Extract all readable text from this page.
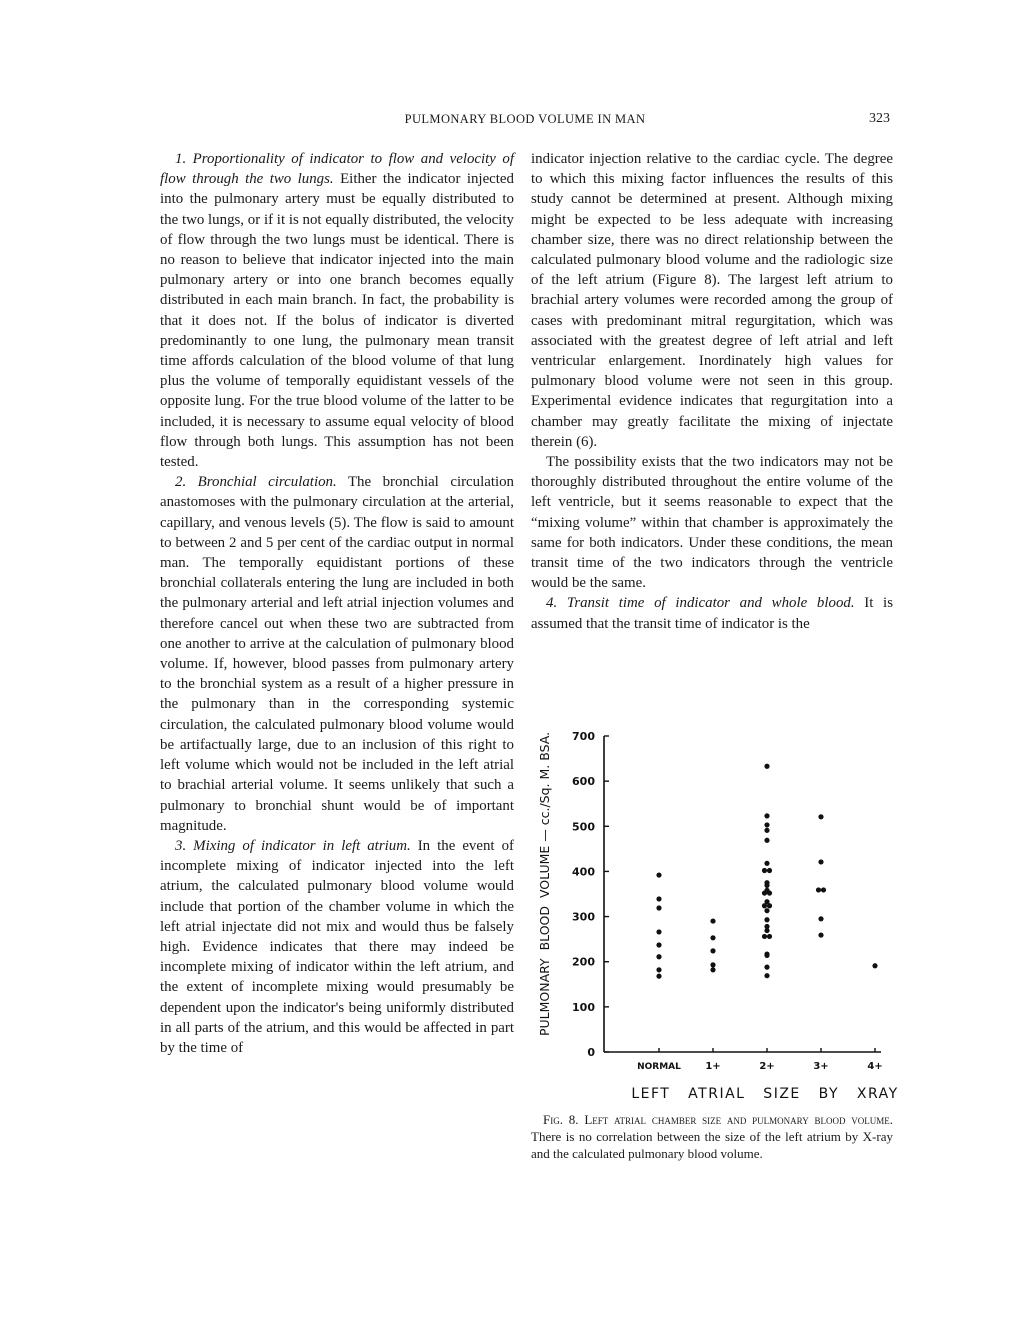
PULMONARY BLOOD VOLUME IN MAN	323

1. Proportionality of indicator to flow and velocity of flow through the two lungs. Either the indicator injected into the pulmonary artery must be equally distributed to the two lungs, or if it is not equally distributed, the velocity of flow through the two lungs must be identical. There is no reason to believe that indicator injected into the main pulmonary artery or into one branch becomes equally distributed in each main branch. In fact, the probability is that it does not. If the bolus of indicator is diverted predominantly to one lung, the pulmonary mean transit time affords calculation of the blood volume of that lung plus the volume of temporally equidistant vessels of the opposite lung. For the true blood volume of the latter to be included, it is necessary to assume equal velocity of blood flow through both lungs. This assumption has not been tested.

2. Bronchial circulation. The bronchial circulation anastomoses with the pulmonary circulation at the arterial, capillary, and venous levels (5). The flow is said to amount to between 2 and 5 per cent of the cardiac output in normal man. The temporally equidistant portions of these bronchial collaterals entering the lung are included in both the pulmonary arterial and left atrial injection volumes and therefore cancel out when these two are subtracted from one another to arrive at the calculation of pulmonary blood volume. If, however, blood passes from pulmonary artery to the bronchial system as a result of a higher pressure in the pulmonary than in the corresponding systemic circulation, the calculated pulmonary blood volume would be artifactually large, due to an inclusion of this right to left volume which would not be included in the left atrial to brachial arterial volume. It seems unlikely that such a pulmonary to bronchial shunt would be of important magnitude.

3. Mixing of indicator in left atrium. In the event of incomplete mixing of indicator injected into the left atrium, the calculated pulmonary blood volume would include that portion of the chamber volume in which the left atrial injectate did not mix and would thus be falsely high. Evidence indicates that there may indeed be incomplete mixing of indicator within the left atrium, and the extent of incomplete mixing would presumably be dependent upon the indicator's being uniformly distributed in all parts of the atrium, and this would be affected in part by the time of

indicator injection relative to the cardiac cycle. The degree to which this mixing factor influences the results of this study cannot be determined at present. Although mixing might be expected to be less adequate with increasing chamber size, there was no direct relationship between the calculated pulmonary blood volume and the radiologic size of the left atrium (Figure 8). The largest left atrium to brachial artery volumes were recorded among the group of cases with predominant mitral regurgitation, which was associated with the greatest degree of left atrial and left ventricular enlargement. Inordinately high values for pulmonary blood volume were not seen in this group. Experimental evidence indicates that regurgitation into a chamber may greatly facilitate the mixing of injectate therein (6).

The possibility exists that the two indicators may not be thoroughly distributed throughout the entire volume of the left ventricle, but it seems reasonable to expect that the “mixing volume” within that chamber is approximately the same for both indicators. Under these conditions, the mean transit time of the two indicators through the ventricle would be the same.

4. Transit time of indicator and whole blood. It is assumed that the transit time of indicator is the

PULMONARY  BLOOD  VOLUME — cc./Sq. M. BSA.
0
100
200
300
400
500
600
700
NORMAL 1+	2+	3+	4+
LEFT   ATRIAL   SIZE   BY   XRAY
Fig. 8. Left atrial chamber size and pulmonary blood volume. There is no correlation between the size of the left atrium by X-ray and the calculated pulmonary blood volume.
